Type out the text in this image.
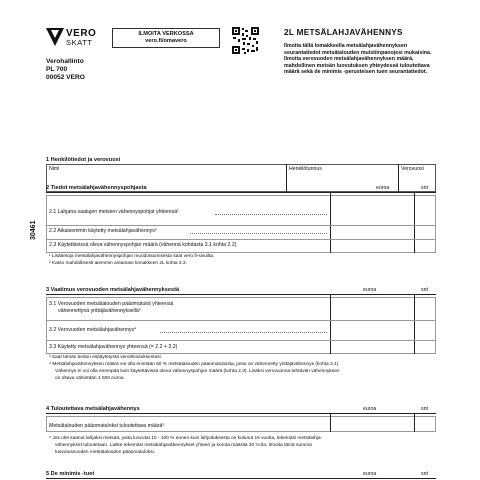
VERO
SKATT
Verohallinto
PL 700
00052 VERO
ILMOITA VERKOSSA
vero.fi/omavero
2L METSÄLAHJAVÄHENNYS
Ilmoita tällä lomakkeella metsälahjavähennyksen seurantatiedot metsätalouden muistiinpanojesi mukaisina. Ilmoita verovuoden metsälahjavähennyksen määrä, mahdollinen metsän luovutuksen yhteydessä tuloutettava määrä sekä de minimis -perusteisen tuen seurantatiedot.
30461
1 Henkilötiedot ja verovuosi
Nimi	Henkilötunnus	Verovuosi
2 Tiedot metsälahjavähennyspohjasta	euroa	snt
2.1 Lahjana saatujen metsien vähennyspohjat yhteensä¹
2.2 Aikaisemmin käytetty metsälahjavähennys²
2.3 Käytettävissä oleva vähennyspohjan määrä (vähennä kohdasta 2.1 kohta 2.2)
¹ Lisätietoja metsälahjavähennyspohjan muodostumisesta saat vero.fi-sivuilta.
² Katso mahdollisesti aiemmin antamasi lomakkeen 2L kohta 3.3.
3 Vaatimus verovuoden metsälahjavähennyksestä	euroa	snt
3.1 Verovuoden metsätalouden pääomatulot yhteensä
vähennettynä yrittäjävähennyksellä³
3.2 Verovuoden metsälahjavähennys⁴
3.3 Käytetty metsälahjavähennys yhteensä (= 2.2 + 3.2)
³ Saat tämän tiedon esitäytetystä veroilmoituksestasi.
⁴ Metsälahjavähennyksen määrä voi olla enintään 60 % metsätalouden pääomatuloista, josta on vähennetty yrittäjävähennys (kohta 3.1).
Vähennys ei voi olla enempää kuin käytettävissä oleva vähennyspohjan määrä (kohta 2.3). Lisäksi verovuonna tehtävän vähennyksen
on oltava vähintään 1 500 euroa.
4 Tuloutettava metsälahjavähennys	euroa	snt
Metsätalouden pääomatuloksi tuloutettava määrä⁵
⁵ Jos olet saanut lahjaksi metsää, josta luovutat 10 - 100 % ennen kuin lahjoituksesta on kulunut 15 vuotta, tekemäsi metsälahja-
vähennykset tuloutetaan. Laske tekemäsi metsälahjavähennykset yhteen ja korota määrää 20 %:lla. Ilmoita tämä summa
luovutusvuoden metsätalouden pääomatuloksi.
5 De minimis -tuet	euroa	snt
